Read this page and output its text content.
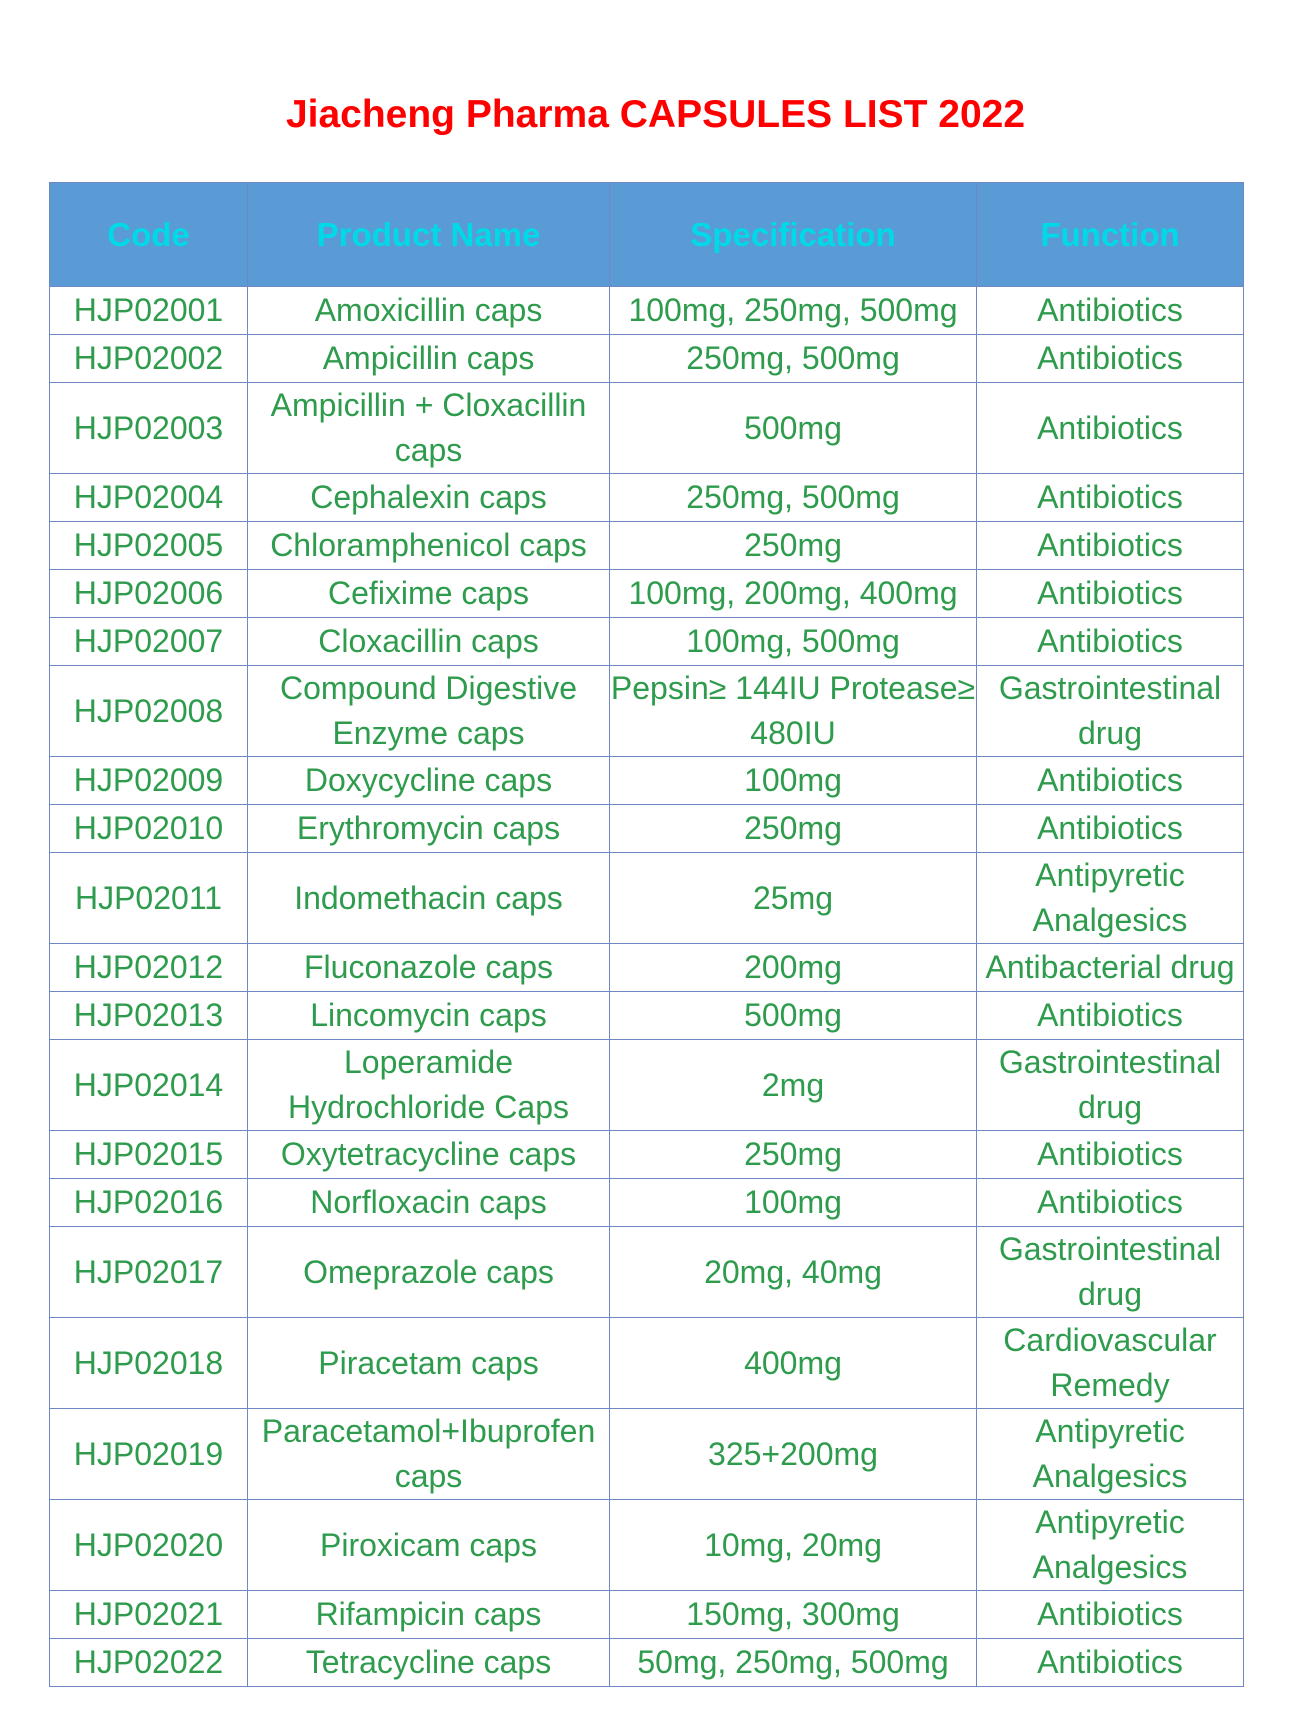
Jiacheng Pharma CAPSULES LIST 2022
Code	Product Name	Specification	Function
HJP02001	Amoxicillin caps	100mg, 250mg, 500mg	Antibiotics
HJP02002	Ampicillin caps	250mg, 500mg	Antibiotics
HJP02003	Ampicillin + Cloxacillin caps	500mg	Antibiotics
HJP02004	Cephalexin caps	250mg, 500mg	Antibiotics
HJP02005	Chloramphenicol caps	250mg	Antibiotics
HJP02006	Cefixime caps	100mg, 200mg, 400mg	Antibiotics
HJP02007	Cloxacillin caps	100mg, 500mg	Antibiotics
HJP02008	Compound Digestive Enzyme caps	Pepsin≥ 144IU Protease≥ 480IU	Gastrointestinal drug
HJP02009	Doxycycline caps	100mg	Antibiotics
HJP02010	Erythromycin caps	250mg	Antibiotics
HJP02011	Indomethacin caps	25mg	Antipyretic Analgesics
HJP02012	Fluconazole caps	200mg	Antibacterial drug
HJP02013	Lincomycin caps	500mg	Antibiotics
HJP02014	Loperamide Hydrochloride Caps	2mg	Gastrointestinal drug
HJP02015	Oxytetracycline caps	250mg	Antibiotics
HJP02016	Norfloxacin caps	100mg	Antibiotics
HJP02017	Omeprazole caps	20mg, 40mg	Gastrointestinal drug
HJP02018	Piracetam caps	400mg	Cardiovascular Remedy
HJP02019	Paracetamol+Ibuprofen caps	325+200mg	Antipyretic Analgesics
HJP02020	Piroxicam caps	10mg, 20mg	Antipyretic Analgesics
HJP02021	Rifampicin caps	150mg, 300mg	Antibiotics
HJP02022	Tetracycline caps	50mg, 250mg, 500mg	Antibiotics
